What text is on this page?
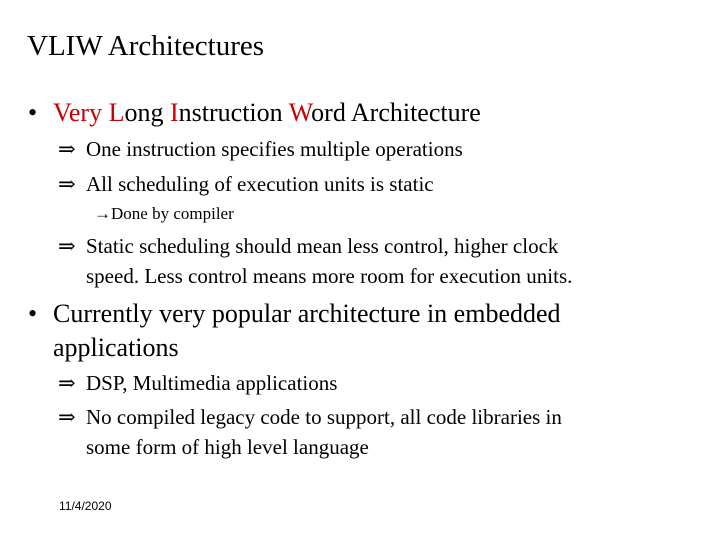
VLIW Architectures
• Very Long Instruction Word Architecture
⇒ One instruction specifies multiple operations
⇒ All scheduling of execution units is static
→Done by compiler
⇒ Static scheduling should mean less control, higher clock
speed. Less control means more room for execution units.
• Currently very popular architecture in embedded
applications
⇒ DSP, Multimedia applications
⇒ No compiled legacy code to support, all code libraries in
some form of high level language
11/4/2020
